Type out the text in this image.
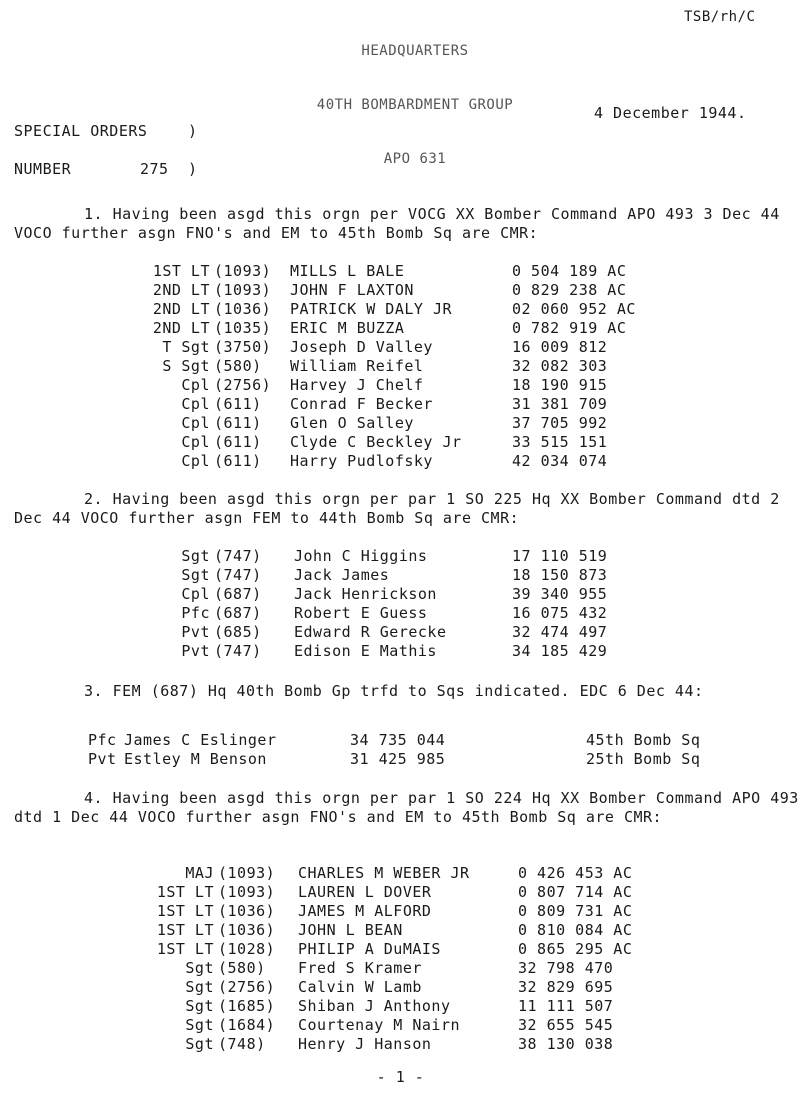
HEADQUARTERS

40TH BOMBARDMENT GROUP

APO 631

TSB/rh/C
4 December 1944.
SPECIAL ORDERS	)
NUMBER	275 )
1. Having been asgd this orgn per VOCG XX Bomber Command APO 493 3 Dec 44 VOCO further asgn FNO's and EM to 45th Bomb Sq are CMR:
1ST LT (1093) MILLS L BALE	0 504 189 AC
2ND LT (1093) JOHN F LAXTON	0 829 238 AC
2ND LT (1036) PATRICK W DALY JR	02 060 952 AC
2ND LT (1035) ERIC M BUZZA	0 782 919 AC
T Sgt (3750) Joseph D Valley	16 009 812
S Sgt (580) William Reifel	32 082 303
Cpl (2756) Harvey J Chelf	18 190 915
Cpl (611) Conrad F Becker	31 381 709
Cpl (611) Glen O Salley	37 705 992
Cpl (611) Clyde C Beckley Jr	33 515 151
Cpl (611) Harry Pudlofsky	42 034 074
2. Having been asgd this orgn per par 1 SO 225 Hq XX Bomber Command dtd 2 Dec 44 VOCO further asgn FEM to 44th Bomb Sq are CMR:
Sgt (747) John C Higgins	17 110 519
Sgt (747) Jack James	18 150 873
Cpl (687) Jack Henrickson	39 340 955
Pfc (687) Robert E Guess	16 075 432
Pvt (685) Edward R Gerecke	32 474 497
Pvt (747) Edison E Mathis	34 185 429
3. FEM (687) Hq 40th Bomb Gp trfd to Sqs indicated. EDC 6 Dec 44:
Pfc James C Eslinger	34 735 044	45th Bomb Sq
Pvt Estley M Benson	31 425 985	25th Bomb Sq
4. Having been asgd this orgn per par 1 SO 224 Hq XX Bomber Command APO 493 dtd 1 Dec 44 VOCO further asgn FNO's and EM to 45th Bomb Sq are CMR:
MAJ (1093) CHARLES M WEBER JR	0 426 453 AC
1ST LT (1093) LAUREN L DOVER	0 807 714 AC
1ST LT (1036) JAMES M ALFORD	0 809 731 AC
1ST LT (1036) JOHN L BEAN	0 810 084 AC
1ST LT (1028) PHILIP A DuMAIS	0 865 295 AC
Sgt (580) Fred S Kramer	32 798 470
Sgt (2756) Calvin W Lamb	32 829 695
Sgt (1685) Shiban J Anthony	11 111 507
Sgt (1684) Courtenay M Nairn	32 655 545
Sgt (748) Henry J Hanson	38 130 038
- 1 -
